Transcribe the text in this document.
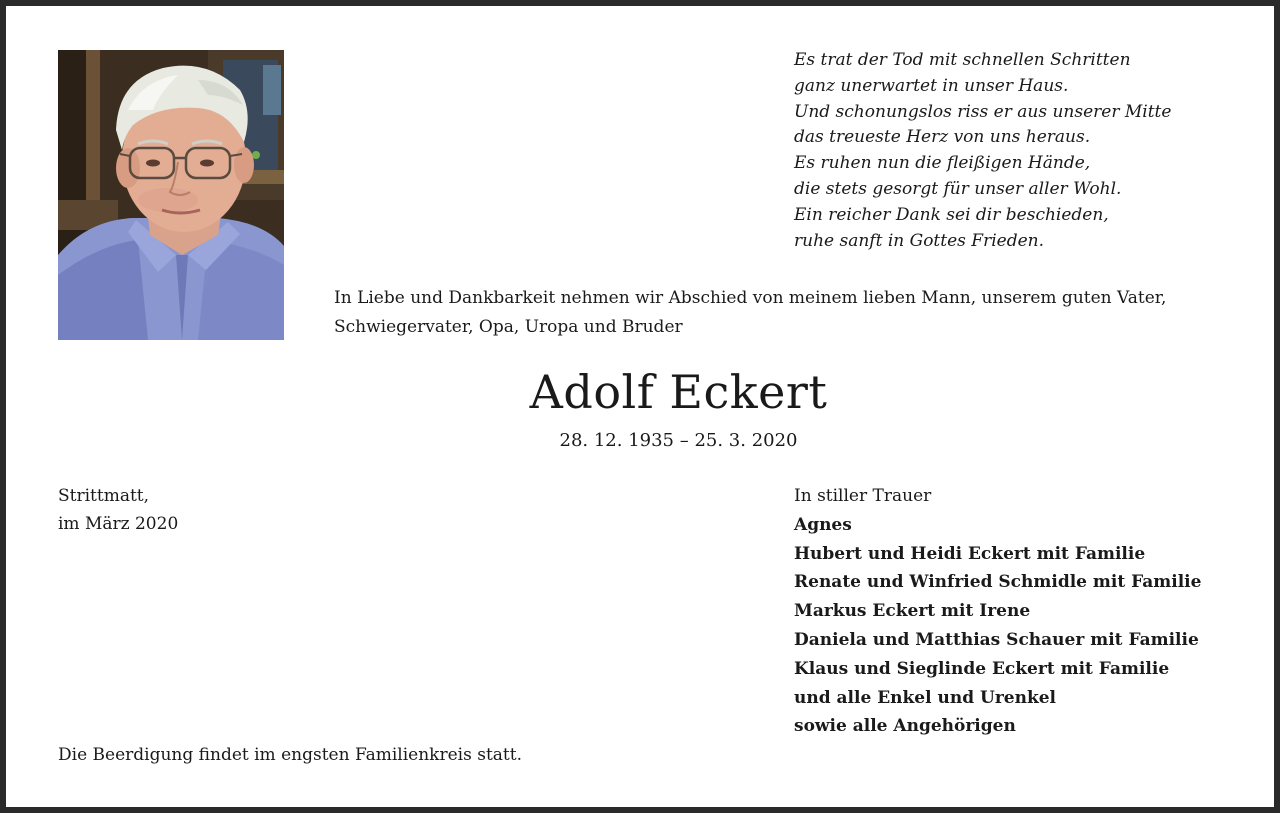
Es trat der Tod mit schnellen Schritten
ganz unerwartet in unser Haus.
Und schonungslos riss er aus unserer Mitte
das treueste Herz von uns heraus.
Es ruhen nun die fleißigen Hände,
die stets gesorgt für unser aller Wohl.
Ein reicher Dank sei dir beschieden,
ruhe sanft in Gottes Frieden.
In Liebe und Dankbarkeit nehmen wir Abschied von meinem lieben Mann, unserem guten Vater,
Schwiegervater, Opa, Uropa und Bruder
Adolf Eckert
28. 12. 1935 – 25. 3. 2020
Strittmatt,
im März 2020
In stiller Trauer
Agnes
Hubert und Heidi Eckert mit Familie
Renate und Winfried Schmidle mit Familie
Markus Eckert mit Irene
Daniela und Matthias Schauer mit Familie
Klaus und Sieglinde Eckert mit Familie
und alle Enkel und Urenkel
sowie alle Angehörigen
Die Beerdigung findet im engsten Familienkreis statt.
